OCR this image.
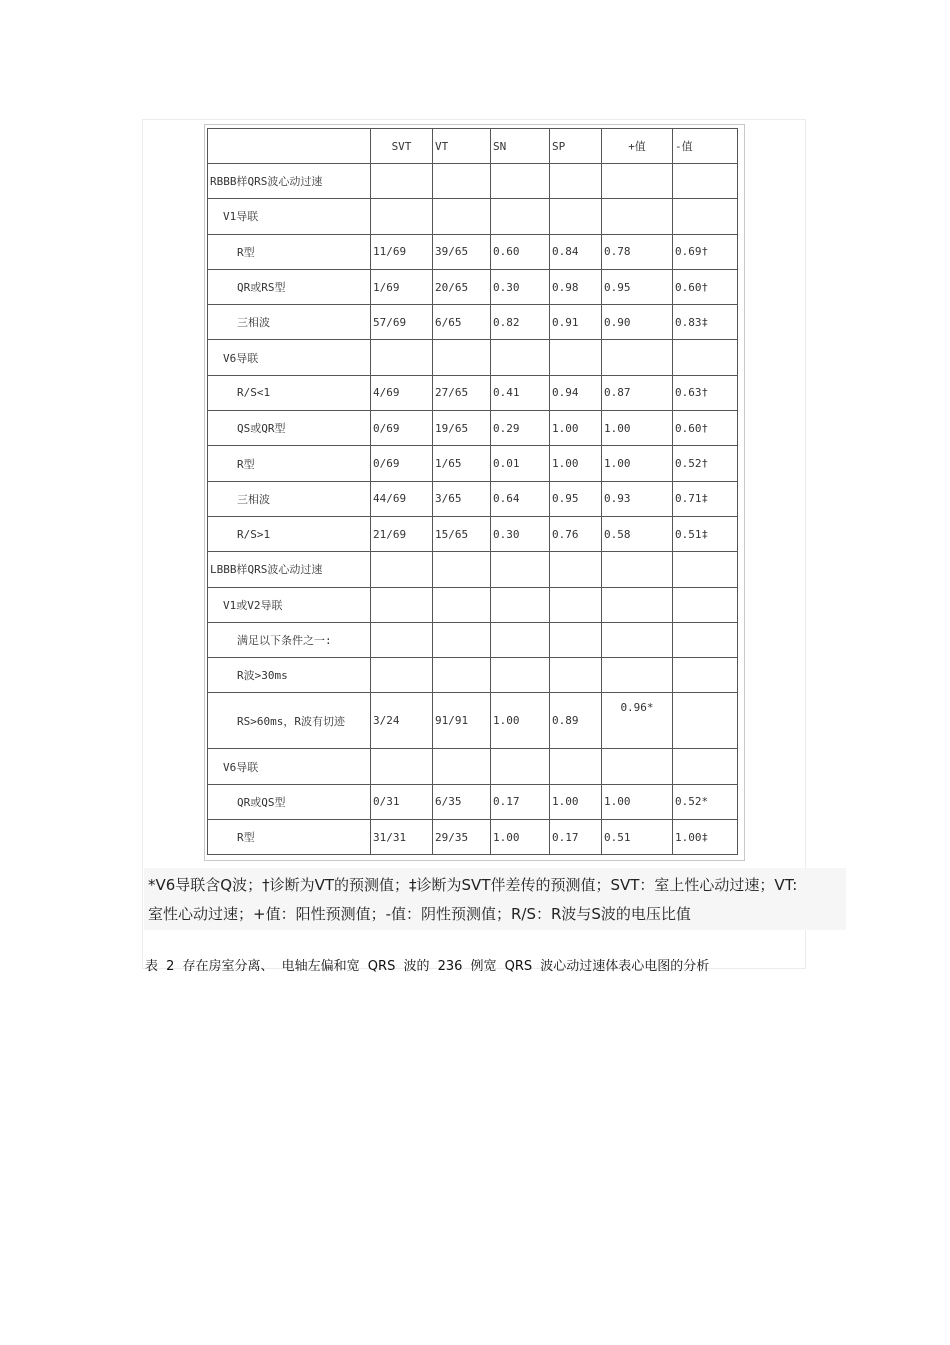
	SVT	VT	SN	SP	+值	-值
RBBB样QRS波心动过速						
V1导联						
R型	11/69	39/65	0.60	0.84	0.78	0.69†
QR或RS型	1/69	20/65	0.30	0.98	0.95	0.60†
三相波	57/69	6/65	0.82	0.91	0.90	0.83‡
V6导联						
R/S<1	4/69	27/65	0.41	0.94	0.87	0.63†
QS或QR型	0/69	19/65	0.29	1.00	1.00	0.60†
R型	0/69	1/65	0.01	1.00	1.00	0.52†
三相波	44/69	3/65	0.64	0.95	0.93	0.71‡
R/S>1	21/69	15/65	0.30	0.76	0.58	0.51‡
LBBB样QRS波心动过速						
V1或V2导联						
满足以下条件之一:						
R波>30ms						
RS>60ms，R波有切迹	3/24	91/91	1.00	0.89	0.96*	
V6导联						
QR或QS型	0/31	6/35	0.17	1.00	1.00	0.52*
R型	31/31	29/35	1.00	0.17	0.51	1.00‡
*V6导联含Q波；†诊断为VT的预测值；‡诊断为SVT伴差传的预测值；SVT：室上性心动过速；VT:
室性心动过速；+值：阳性预测值；-值：阴性预测值；R/S：R波与S波的电压比值
表 2 存在房室分离、 电轴左偏和宽 QRS 波的 236 例宽 QRS 波心动过速体表心电图的分析
